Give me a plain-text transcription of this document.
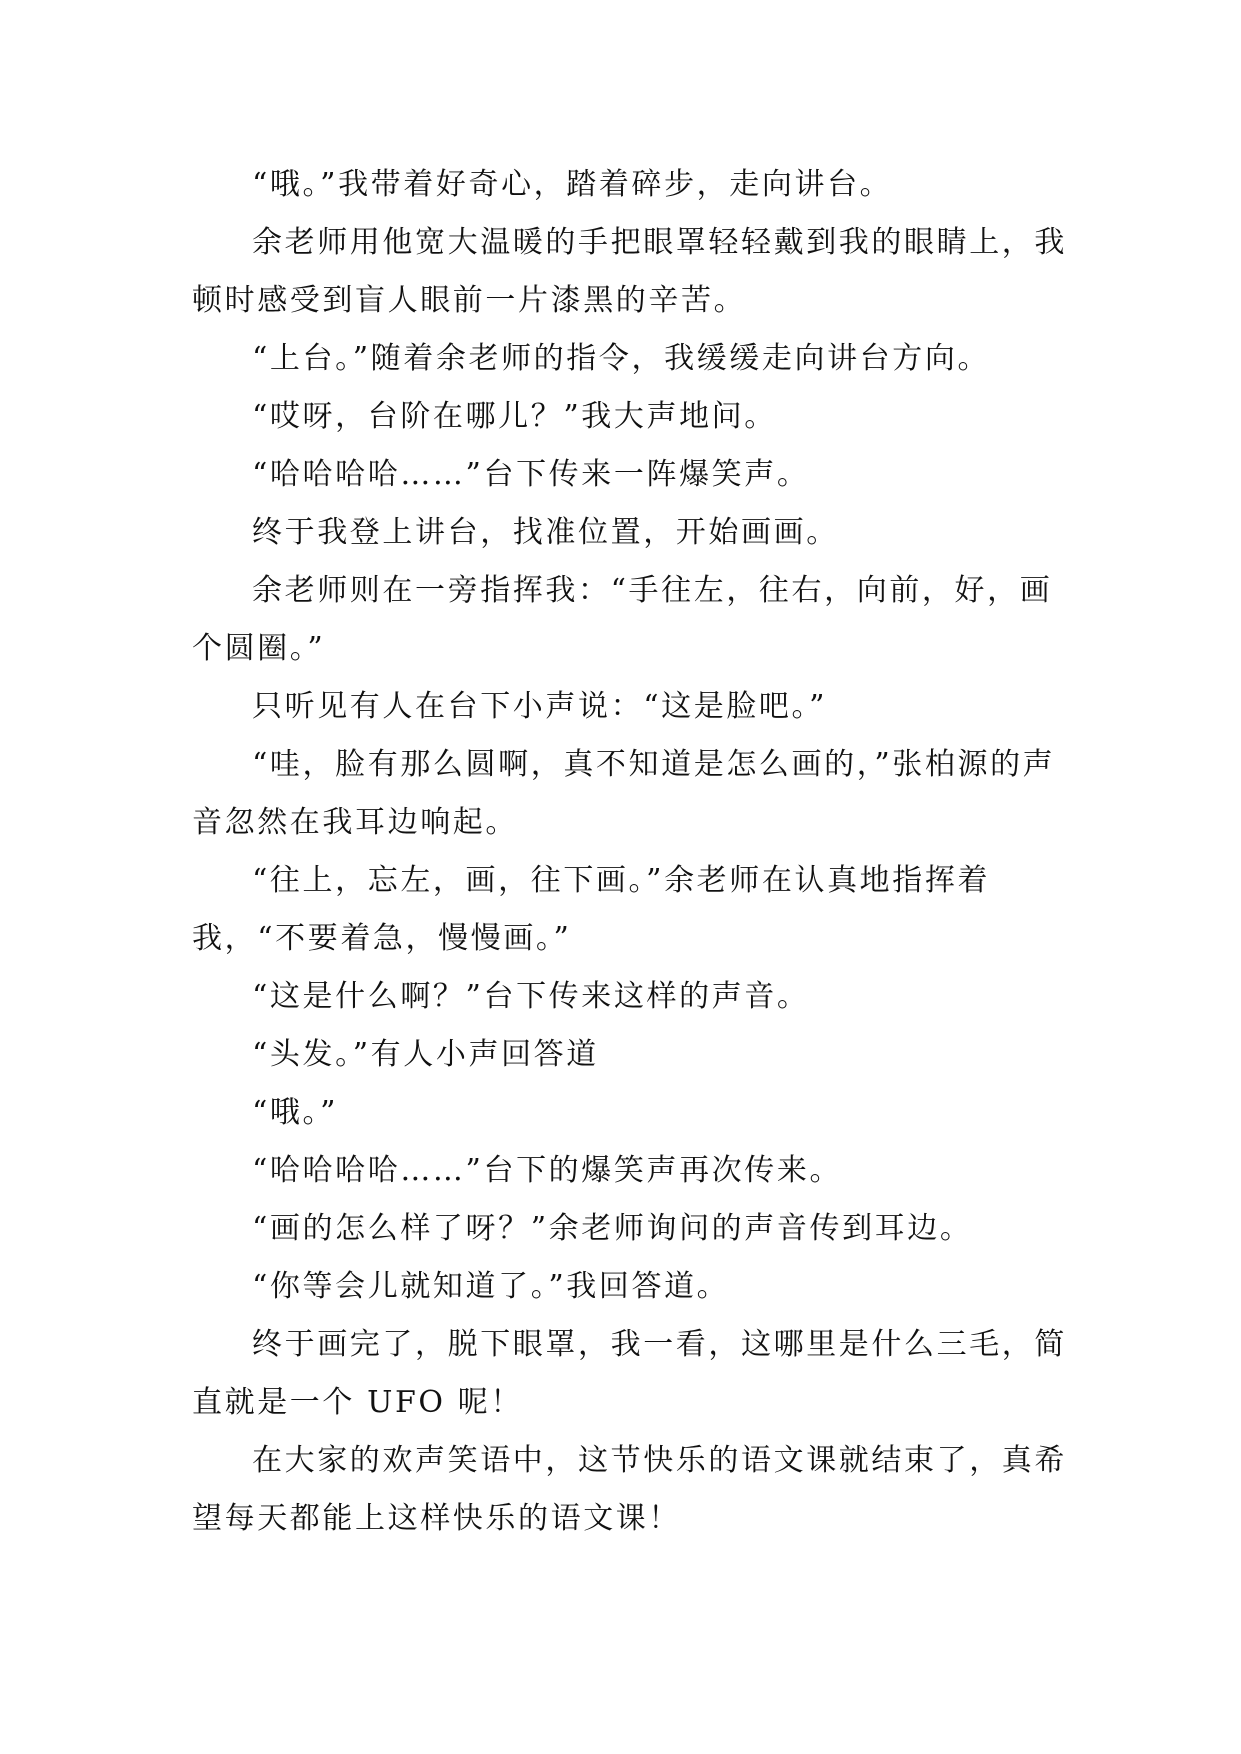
“哦。”我带着好奇心，踏着碎步，走向讲台。

余老师用他宽大温暖的手把眼罩轻轻戴到我的眼睛上，我顿时感受到盲人眼前一片漆黑的辛苦。

“上台。”随着余老师的指令，我缓缓走向讲台方向。

“哎呀，台阶在哪儿？”我大声地问。

“哈哈哈哈……”台下传来一阵爆笑声。

终于我登上讲台，找准位置，开始画画。

余老师则在一旁指挥我：“手往左，往右，向前，好，画个圆圈。”

只听见有人在台下小声说：“这是脸吧。”

“哇，脸有那么圆啊，真不知道是怎么画的，”张柏源的声音忽然在我耳边响起。

“往上，忘左，画，往下画。”余老师在认真地指挥着我，“不要着急，慢慢画。”

“这是什么啊？”台下传来这样的声音。

“头发。”有人小声回答道

“哦。”

“哈哈哈哈……”台下的爆笑声再次传来。

“画的怎么样了呀？”余老师询问的声音传到耳边。

“你等会儿就知道了。”我回答道。

终于画完了，脱下眼罩，我一看，这哪里是什么三毛，简直就是一个 UFO 呢！

在大家的欢声笑语中，这节快乐的语文课就结束了，真希望每天都能上这样快乐的语文课！
